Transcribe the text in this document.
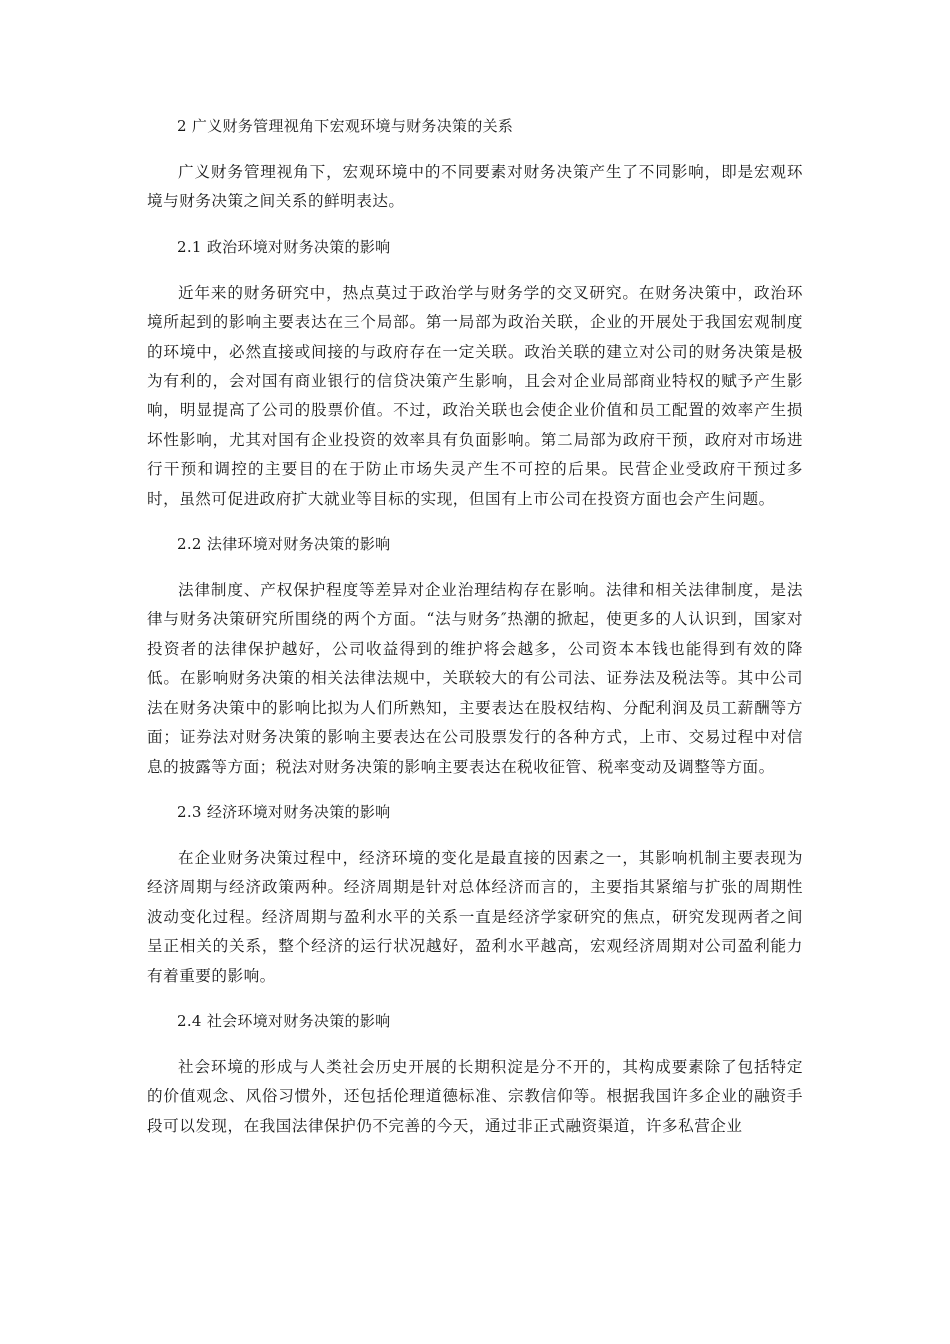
2 广义财务管理视角下宏观环境与财务决策的关系
广义财务管理视角下，宏观环境中的不同要素对财务决策产生了不同影响，即是宏观环境与财务决策之间关系的鲜明表达。
2.1 政治环境对财务决策的影响
近年来的财务研究中，热点莫过于政治学与财务学的交叉研究。在财务决策中，政治环境所起到的影响主要表达在三个局部。第一局部为政治关联，企业的开展处于我国宏观制度的环境中，必然直接或间接的与政府存在一定关联。政治关联的建立对公司的财务决策是极为有利的，会对国有商业银行的信贷决策产生影响，且会对企业局部商业特权的赋予产生影响，明显提高了公司的股票价值。不过，政治关联也会使企业价值和员工配置的效率产生损坏性影响，尤其对国有企业投资的效率具有负面影响。第二局部为政府干预，政府对市场进行干预和调控的主要目的在于防止市场失灵产生不可控的后果。民营企业受政府干预过多时，虽然可促进政府扩大就业等目标的实现，但国有上市公司在投资方面也会产生问题。
2.2 法律环境对财务决策的影响
法律制度、产权保护程度等差异对企业治理结构存在影响。法律和相关法律制度，是法律与财务决策研究所围绕的两个方面。“法与财务″热潮的掀起，使更多的人认识到，国家对投资者的法律保护越好，公司收益得到的维护将会越多，公司资本本钱也能得到有效的降低。在影响财务决策的相关法律法规中，关联较大的有公司法、证券法及税法等。其中公司法在财务决策中的影响比拟为人们所熟知，主要表达在股权结构、分配利润及员工薪酬等方面；证券法对财务决策的影响主要表达在公司股票发行的各种方式，上市、交易过程中对信息的披露等方面；税法对财务决策的影响主要表达在税收征管、税率变动及调整等方面。
2.3 经济环境对财务决策的影响
在企业财务决策过程中，经济环境的变化是最直接的因素之一，其影响机制主要表现为经济周期与经济政策两种。经济周期是针对总体经济而言的，主要指其紧缩与扩张的周期性波动变化过程。经济周期与盈利水平的关系一直是经济学家研究的焦点，研究发现两者之间呈正相关的关系，整个经济的运行状况越好，盈利水平越高，宏观经济周期对公司盈利能力有着重要的影响。
2.4 社会环境对财务决策的影响
社会环境的形成与人类社会历史开展的长期积淀是分不开的，其构成要素除了包括特定的价值观念、风俗习惯外，还包括伦理道德标准、宗教信仰等。根据我国许多企业的融资手段可以发现，在我国法律保护仍不完善的今天，通过非正式融资渠道，许多私营企业
